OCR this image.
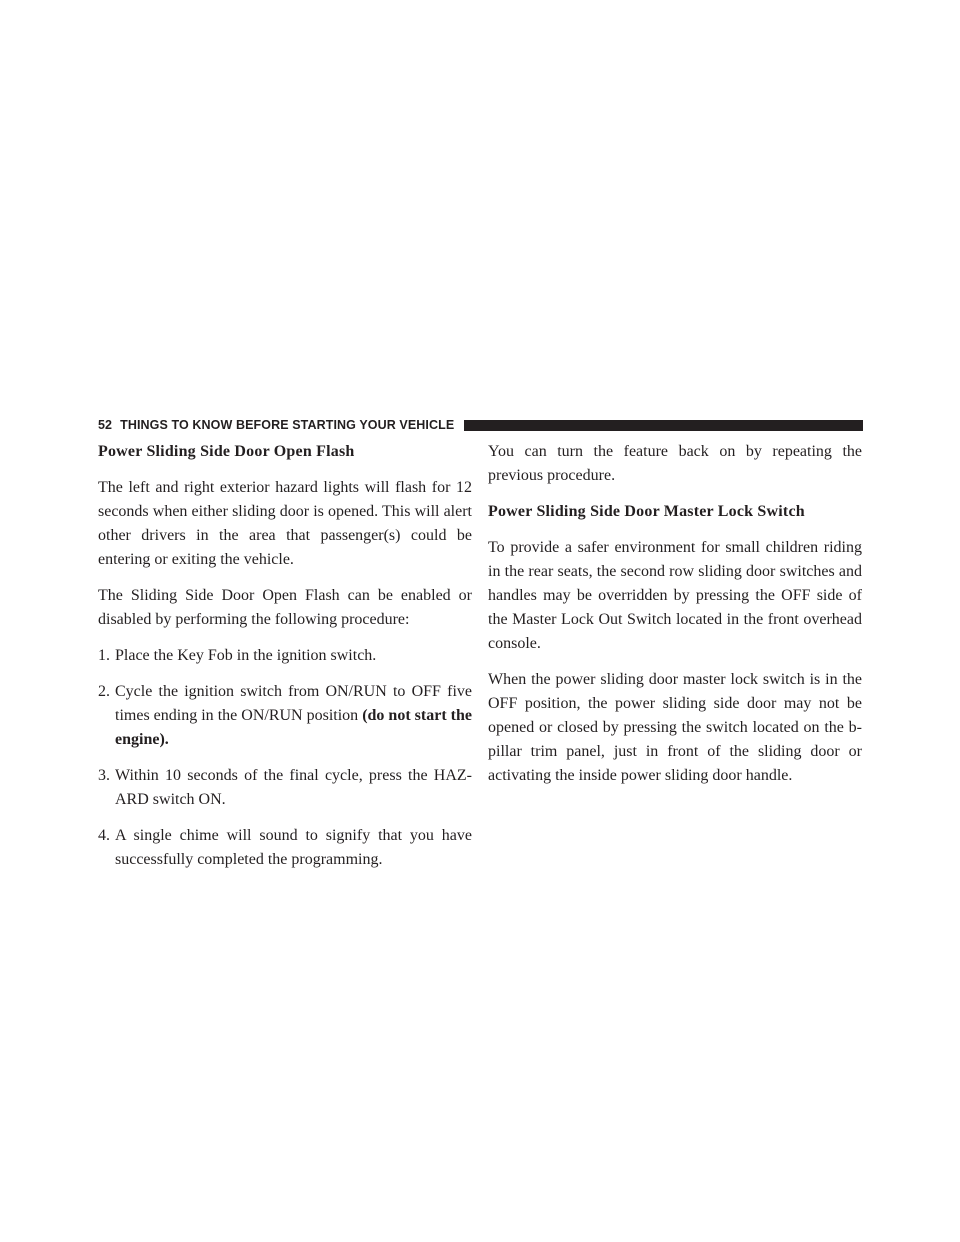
52 THINGS TO KNOW BEFORE STARTING YOUR VEHICLE
Power Sliding Side Door Open Flash

The left and right exterior hazard lights will flash for 12 seconds when either sliding door is opened. This will alert other drivers in the area that passenger(s) could be entering or exiting the vehicle.

The Sliding Side Door Open Flash can be enabled or disabled by performing the following procedure:

1. Place the Key Fob in the ignition switch.

2. Cycle the ignition switch from ON/RUN to OFF five times ending in the ON/RUN position (do not start the engine).

3. Within 10 seconds of the final cycle, press the HAZ-ARD switch ON.

4. A single chime will sound to signify that you have successfully completed the programming.

You can turn the feature back on by repeating the previous procedure.

Power Sliding Side Door Master Lock Switch

To provide a safer environment for small children riding in the rear seats, the second row sliding door switches and handles may be overridden by pressing the OFF side of the Master Lock Out Switch located in the front overhead console.

When the power sliding door master lock switch is in the OFF position, the power sliding side door may not be opened or closed by pressing the switch located on the b-pillar trim panel, just in front of the sliding door or activating the inside power sliding door handle.
